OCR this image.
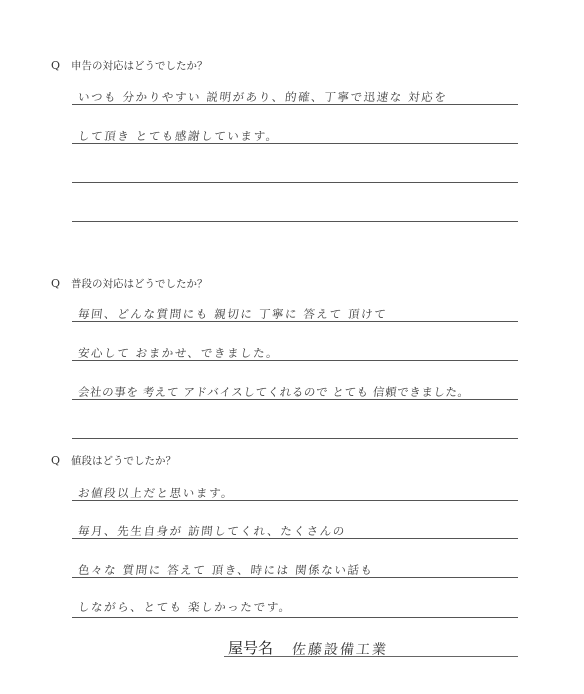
Q 申告の対応はどうでしたか？
いつも 分かりやすい 説明があり、的確、丁寧で迅速な 対応を
して頂き とても感謝しています。
Q 普段の対応はどうでしたか？
毎回、どんな質問にも 親切に 丁寧に 答えて 頂けて
安心して おまかせ、できました。
会社の事を 考えて アドバイスしてくれるので とても 信頼できました。
Q 値段はどうでしたか？
お値段以上だと思います。
毎月、先生自身が 訪問してくれ、たくさんの
色々な 質問に 答えて 頂き、時には 関係ない話も
しながら、とても 楽しかったです。
屋号名 佐藤設備工業
